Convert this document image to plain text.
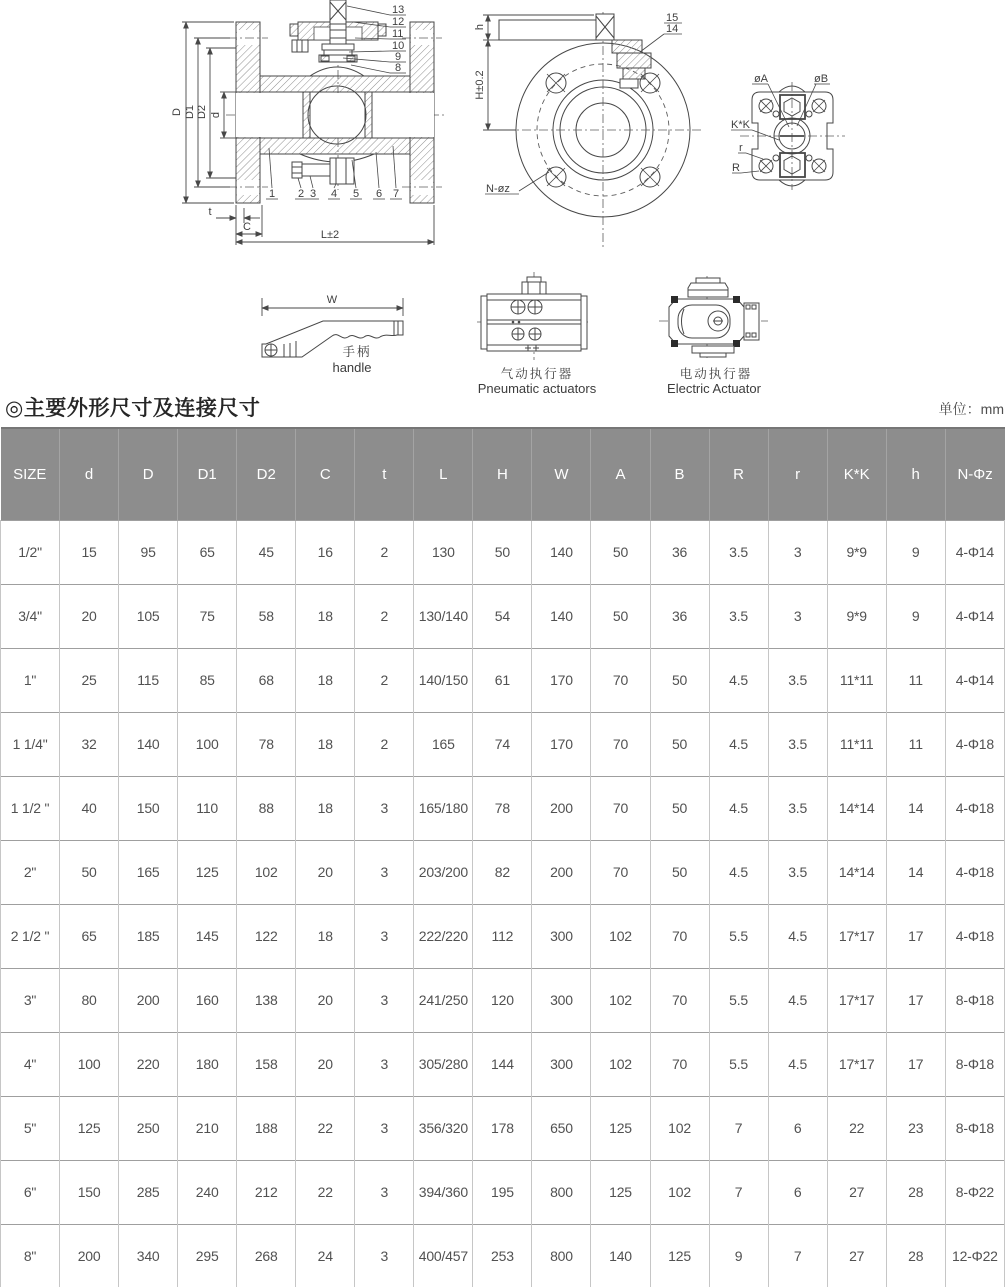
D D1 D2 d
t
C
L±2
13
12
11
10
9
8
1 2 3 4 5 6 7
h
H±0.2
15
14
N-øz
øA	øB
K*K
r
R
W
手柄
handle	气动执行器
Pneumatic actuators
电动执行器
Electric Actuator
◎主要外形尺寸及连接尺寸	单位：mm
SIZE	d	D	D1	D2	C	t	L	H	W	A	B	R	r	K*K	h	N-Φz
1/2"	15	95	65	45	16	2	130	50	140	50	36	3.5	3	9*9	9	4-Φ14
3/4"	20	105	75	58	18	2	130/140	54	140	50	36	3.5	3	9*9	9	4-Φ14
1"	25	115	85	68	18	2	140/150	61	170	70	50	4.5	3.5	11*11	11	4-Φ14
1 1/4"	32	140	100	78	18	2	165	74	170	70	50	4.5	3.5	11*11	11	4-Φ18
1 1/2 "	40	150	110	88	18	3	165/180	78	200	70	50	4.5	3.5	14*14	14	4-Φ18
2"	50	165	125	102	20	3	203/200	82	200	70	50	4.5	3.5	14*14	14	4-Φ18
2 1/2 "	65	185	145	122	18	3	222/220	112	300	102	70	5.5	4.5	17*17	17	4-Φ18
3"	80	200	160	138	20	3	241/250	120	300	102	70	5.5	4.5	17*17	17	8-Φ18
4"	100	220	180	158	20	3	305/280	144	300	102	70	5.5	4.5	17*17	17	8-Φ18
5"	125	250	210	188	22	3	356/320	178	650	125	102	7	6	22	23	8-Φ18
6"	150	285	240	212	22	3	394/360	195	800	125	102	7	6	27	28	8-Φ22
8"	200	340	295	268	24	3	400/457	253	800	140	125	9	7	27	28	12-Φ22
